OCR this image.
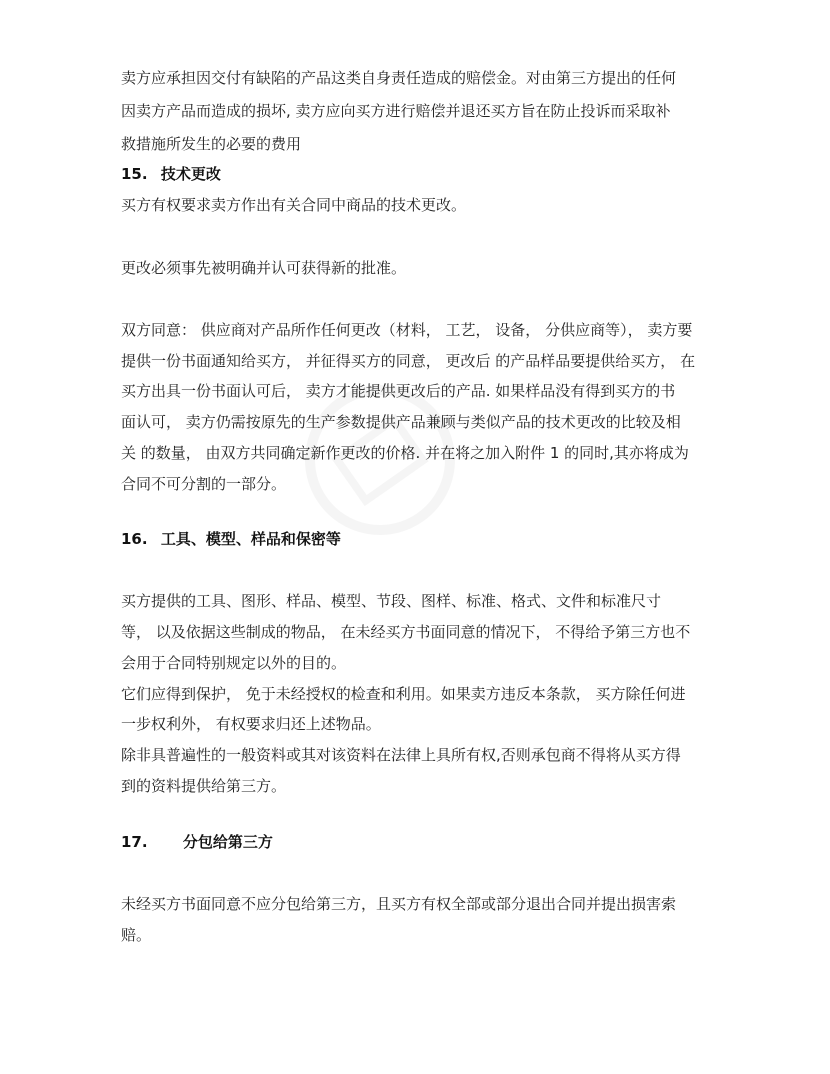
卖方应承担因交付有缺陷的产品这类自身责任造成的赔偿金。对由第三方提出的任何
因卖方产品而造成的损坏, 卖方应向买方进行赔偿并退还买方旨在防止投诉而采取补
救措施所发生的必要的费用
15. 技术更改
买方有权要求卖方作出有关合同中商品的技术更改。
更改必须事先被明确并认可获得新的批准。
双方同意： 供应商对产品所作任何更改（材料， 工艺， 设备， 分供应商等）， 卖方要
提供一份书面通知给买方， 并征得买方的同意， 更改后 的产品样品要提供给买方， 在
买方出具一份书面认可后， 卖方才能提供更改后的产品. 如果样品没有得到买方的书
面认可， 卖方仍需按原先的生产参数提供产品兼顾与类似产品的技术更改的比较及相
关 的数量， 由双方共同确定新作更改的价格. 并在将之加入附件 1 的同时,其亦将成为
合同不可分割的一部分。
16. 工具、模型、样品和保密等
买方提供的工具、图形、样品、模型、节段、图样、标准、格式、文件和标准尺寸
等， 以及依据这些制成的物品， 在未经买方书面同意的情况下， 不得给予第三方也不
会用于合同特别规定以外的目的。
它们应得到保护， 免于未经授权的检查和利用。如果卖方违反本条款， 买方除任何进
一步权利外， 有权要求归还上述物品。
除非具普遍性的一般资料或其对该资料在法律上具所有权,否则承包商不得将从买方得
到的资料提供给第三方。
17. 分包给第三方
未经买方书面同意不应分包给第三方，且买方有权全部或部分退出合同并提出损害索
赔。
